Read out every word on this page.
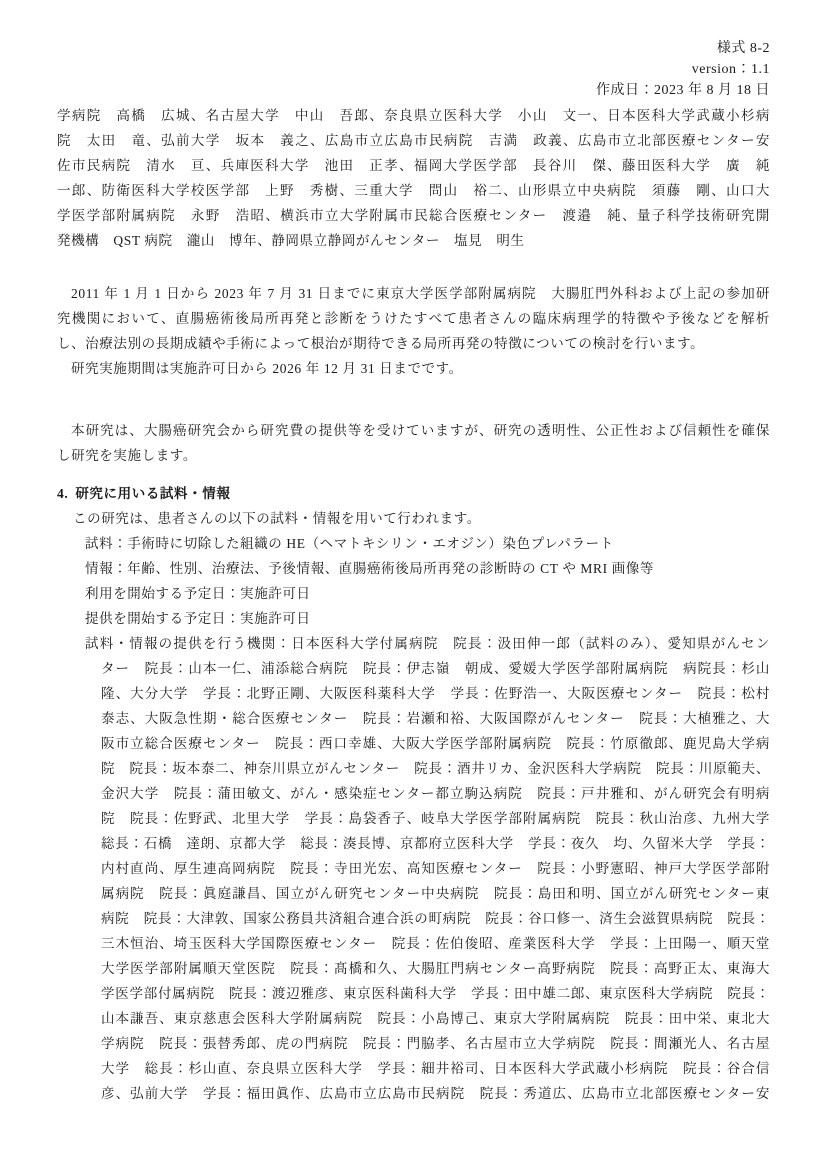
様式 8-2
version：1.1
作成日：2023 年 8 月 18 日
学病院　高橋　広城、名古屋大学　中山　吾郎、奈良県立医科大学　小山　文一、日本医科大学武蔵小杉病
院　太田　竜、弘前大学　坂本　義之、広島市立広島市民病院　吉満　政義、広島市立北部医療センター安
佐市民病院　清水　亘、兵庫医科大学　池田　正孝、福岡大学医学部　長谷川　傑、藤田医科大学　廣　純
一郎、防衛医科大学校医学部　上野　秀樹、三重大学　問山　裕二、山形県立中央病院　須藤　剛、山口大
学医学部附属病院　永野　浩昭、横浜市立大学附属市民総合医療センター　渡邉　純、量子科学技術研究開
発機構　QST 病院　瀧山　博年、静岡県立静岡がんセンター　塩見　明生
2011 年 1 月 1 日から 2023 年 7 月 31 日までに東京大学医学部附属病院　大腸肛門外科および上記の参加研
究機関において、直腸癌術後局所再発と診断をうけたすべて患者さんの臨床病理学的特徴や予後などを解析
し、治療法別の長期成績や手術によって根治が期待できる局所再発の特徴についての検討を行います。
研究実施期間は実施許可日から 2026 年 12 月 31 日までです。
本研究は、大腸癌研究会から研究費の提供等を受けていますが、研究の透明性、公正性および信頼性を確保
し研究を実施します。
4. 研究に用いる試料・情報
この研究は、患者さんの以下の試料・情報を用いて行われます。
試料：手術時に切除した組織の HE（ヘマトキシリン・エオジン）染色プレパラート
情報：年齢、性別、治療法、予後情報、直腸癌術後局所再発の診断時の CT や MRI 画像等
利用を開始する予定日：実施許可日
提供を開始する予定日：実施許可日
試料・情報の提供を行う機関：日本医科大学付属病院　院長：汲田伸一郎（試料のみ）、愛知県がんセン
ター　院長：山本一仁、浦添総合病院　院長：伊志嶺　朝成、愛媛大学医学部附属病院　病院長：杉山
隆、大分大学　学長：北野正剛、大阪医科薬科大学　学長：佐野浩一、大阪医療センター　院長：松村
泰志、大阪急性期・総合医療センター　院長：岩瀬和裕、大阪国際がんセンター　院長：大植雅之、大
阪市立総合医療センター　院長：西口幸雄、大阪大学医学部附属病院　院長：竹原徹郎、鹿児島大学病
院　院長：坂本泰二、神奈川県立がんセンター　院長：酒井リカ、金沢医科大学病院　院長：川原範夫、
金沢大学　院長：蒲田敏文、がん・感染症センター都立駒込病院　院長：戸井雅和、がん研究会有明病
院　院長：佐野武、北里大学　学長：島袋香子、岐阜大学医学部附属病院　院長：秋山治彦、九州大学
総長：石橋　達朗、京都大学　総長：湊長博、京都府立医科大学　学長：夜久　均、久留米大学　学長：
内村直尚、厚生連高岡病院　院長：寺田光宏、高知医療センター　院長：小野憲昭、神戸大学医学部附
属病院　院長：眞庭謙昌、国立がん研究センター中央病院　院長：島田和明、国立がん研究センター東
病院　院長：大津敦、国家公務員共済組合連合浜の町病院　院長：谷口修一、済生会滋賀県病院　院長：
三木恒治、埼玉医科大学国際医療センター　院長：佐伯俊昭、産業医科大学　学長：上田陽一、順天堂
大学医学部附属順天堂医院　院長：髙橋和久、大腸肛門病センター高野病院　院長：高野正太、東海大
学医学部付属病院　院長：渡辺雅彦、東京医科歯科大学　学長：田中雄二郎、東京医科大学病院　院長：
山本謙吾、東京慈恵会医科大学附属病院　院長：小島博己、東京大学附属病院　院長：田中栄、東北大
学病院　院長：張替秀郎、虎の門病院　院長：門脇孝、名古屋市立大学病院　院長：間瀬光人、名古屋
大学　総長：杉山直、奈良県立医科大学　学長：細井裕司、日本医科大学武蔵小杉病院　院長：谷合信
彦、弘前大学　学長：福田眞作、広島市立広島市民病院　院長：秀道広、広島市立北部医療センター安
